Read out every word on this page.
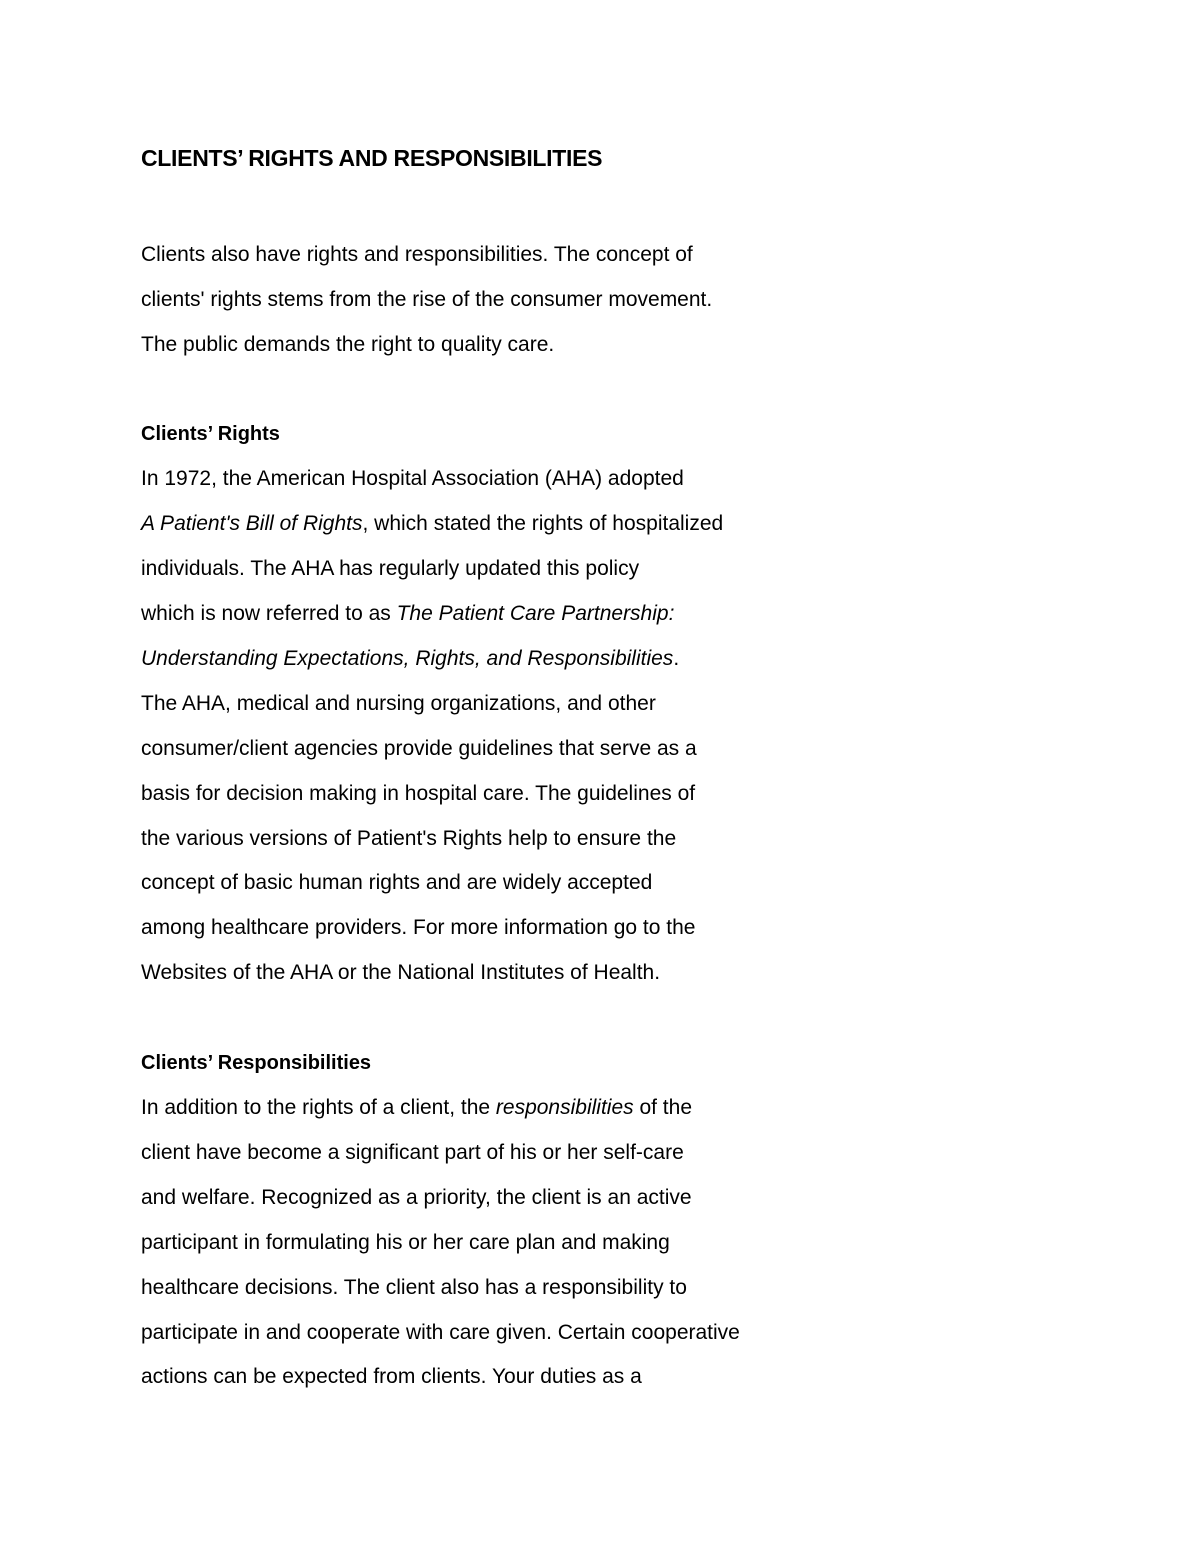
CLIENTS’ RIGHTS AND RESPONSIBILITIES
Clients also have rights and responsibilities. The concept of
clients' rights stems from the rise of the consumer movement.
The public demands the right to quality care.
Clients’ Rights
In 1972, the American Hospital Association (AHA) adopted
A Patient's Bill of Rights, which stated the rights of hospitalized
individuals. The AHA has regularly updated this policy
which is now referred to as The Patient Care Partnership:
Understanding Expectations, Rights, and Responsibilities.
The AHA, medical and nursing organizations, and other
consumer/client agencies provide guidelines that serve as a
basis for decision making in hospital care. The guidelines of
the various versions of Patient's Rights help to ensure the
concept of basic human rights and are widely accepted
among healthcare providers. For more information go to the
Websites of the AHA or the National Institutes of Health.
Clients’ Responsibilities
In addition to the rights of a client, the responsibilities of the
client have become a significant part of his or her self-care
and welfare. Recognized as a priority, the client is an active
participant in formulating his or her care plan and making
healthcare decisions. The client also has a responsibility to
participate in and cooperate with care given. Certain cooperative
actions can be expected from clients. Your duties as a
